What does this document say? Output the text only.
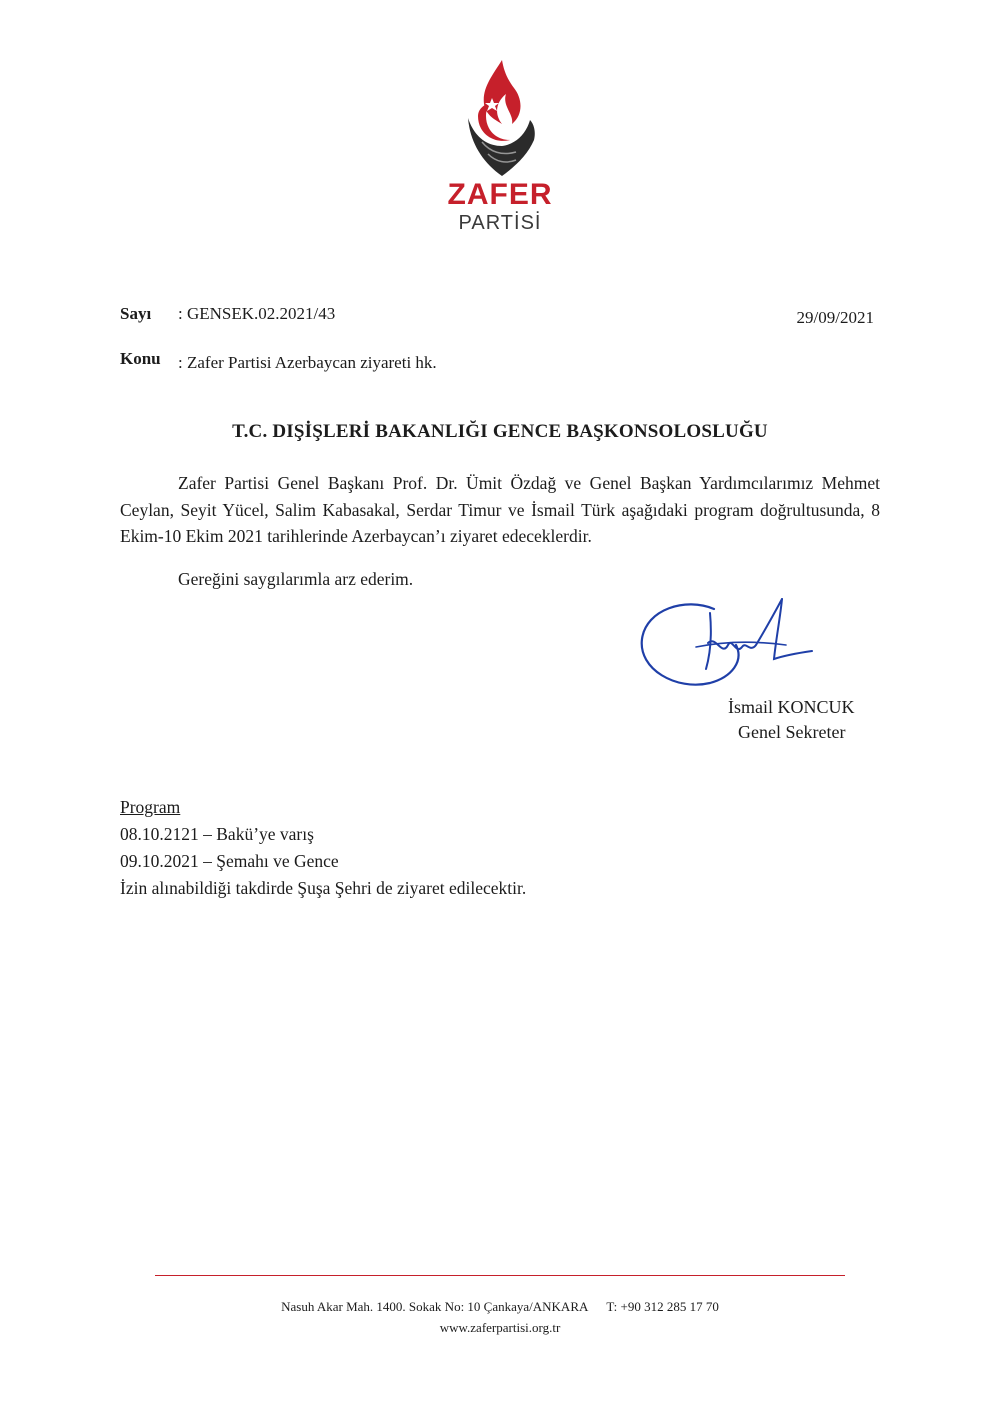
ZAFER
PARTİSİ
Sayı : GENSEK.02.2021/43	29/09/2021
Konu : Zafer Partisi Azerbaycan ziyareti hk.
T.C. DIŞİŞLERİ BAKANLIĞI GENCE BAŞKONSOLOSLUĞU
Zafer Partisi Genel Başkanı Prof. Dr. Ümit Özdağ ve Genel Başkan Yardımcılarımız Mehmet Ceylan, Seyit Yücel, Salim Kabasakal, Serdar Timur ve İsmail Türk aşağıdaki program doğrultusunda, 8 Ekim-10 Ekim 2021 tarihlerinde Azerbaycan’ı ziyaret edeceklerdir.
Gereğini saygılarımla arz ederim.
İsmail KONCUK
Genel Sekreter
Program
08.10.2121 – Bakü’ye varış
09.10.2021 – Şemahı ve Gence
İzin alınabildiği takdirde Şuşa Şehri de ziyaret edilecektir.
Nasuh Akar Mah. 1400. Sokak No: 10 Çankaya/ANKARA T: +90 312 285 17 70
www.zaferpartisi.org.tr
